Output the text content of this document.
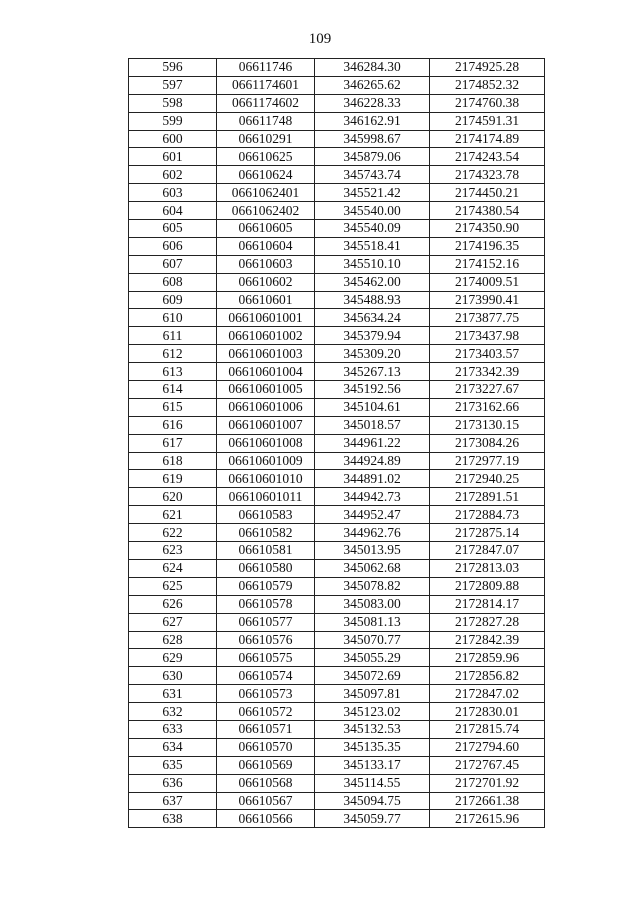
109
596	06611746	346284.30	2174925.28
597	0661174601	346265.62	2174852.32
598	0661174602	346228.33	2174760.38
599	06611748	346162.91	2174591.31
600	06610291	345998.67	2174174.89
601	06610625	345879.06	2174243.54
602	06610624	345743.74	2174323.78
603	0661062401	345521.42	2174450.21
604	0661062402	345540.00	2174380.54
605	06610605	345540.09	2174350.90
606	06610604	345518.41	2174196.35
607	06610603	345510.10	2174152.16
608	06610602	345462.00	2174009.51
609	06610601	345488.93	2173990.41
610	06610601001	345634.24	2173877.75
611	06610601002	345379.94	2173437.98
612	06610601003	345309.20	2173403.57
613	06610601004	345267.13	2173342.39
614	06610601005	345192.56	2173227.67
615	06610601006	345104.61	2173162.66
616	06610601007	345018.57	2173130.15
617	06610601008	344961.22	2173084.26
618	06610601009	344924.89	2172977.19
619	06610601010	344891.02	2172940.25
620	06610601011	344942.73	2172891.51
621	06610583	344952.47	2172884.73
622	06610582	344962.76	2172875.14
623	06610581	345013.95	2172847.07
624	06610580	345062.68	2172813.03
625	06610579	345078.82	2172809.88
626	06610578	345083.00	2172814.17
627	06610577	345081.13	2172827.28
628	06610576	345070.77	2172842.39
629	06610575	345055.29	2172859.96
630	06610574	345072.69	2172856.82
631	06610573	345097.81	2172847.02
632	06610572	345123.02	2172830.01
633	06610571	345132.53	2172815.74
634	06610570	345135.35	2172794.60
635	06610569	345133.17	2172767.45
636	06610568	345114.55	2172701.92
637	06610567	345094.75	2172661.38
638	06610566	345059.77	2172615.96
